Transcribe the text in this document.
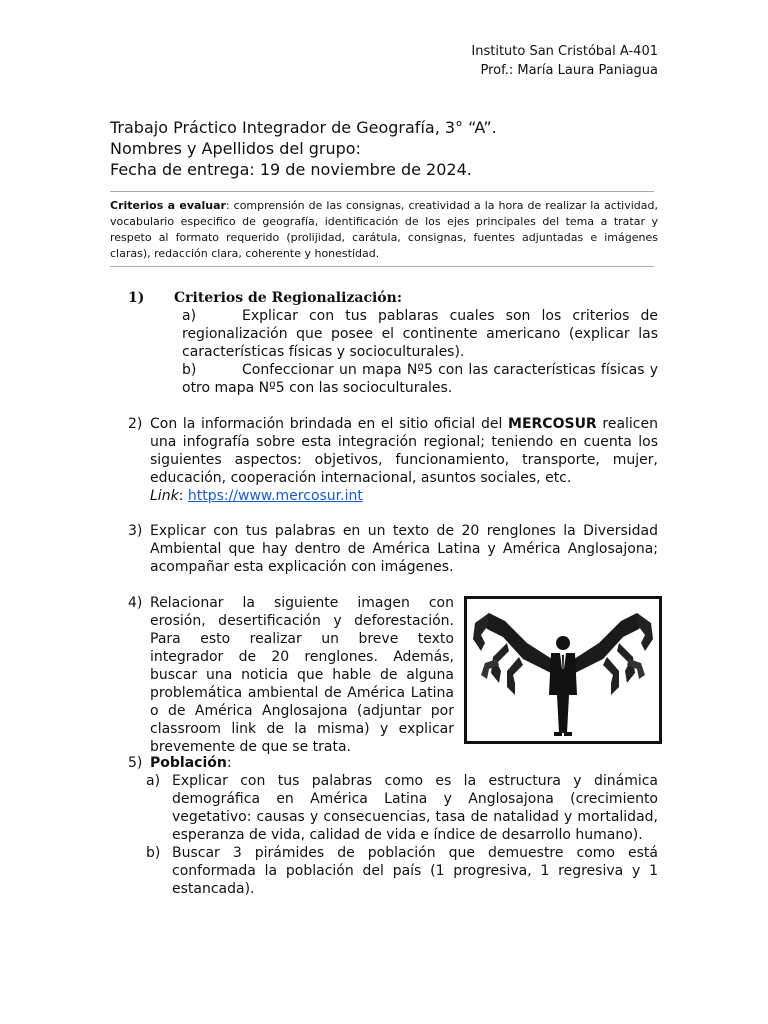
Instituto San Cristóbal A-401
Prof.: María Laura Paniagua
Trabajo Práctico Integrador de Geografía, 3° “A”.
Nombres y Apellidos del grupo:
Fecha de entrega: 19 de noviembre de 2024.
Criterios a evaluar: comprensión de las consignas, creatividad a la hora de realizar la actividad, vocabulario especifico de geografía, identificación de los ejes principales del tema a tratar y respeto al formato requerido (prolijidad, carátula, consignas, fuentes adjuntadas e imágenes claras), redacción clara, coherente y honestidad.
1) Criterios de Regionalización:
a)	Explicar con tus pablaras cuales son los criterios de regionalización que posee el continente americano (explicar las características físicas y socioculturales).
b)	Confeccionar un mapa Nº5 con las características físicas y otro mapa Nº5 con las socioculturales.
2) Con la información brindada en el sitio oficial del MERCOSUR realicen una infografía sobre esta integración regional; teniendo en cuenta los siguientes aspectos: objetivos, funcionamiento, transporte, mujer, educación, cooperación internacional, asuntos sociales, etc.
Link: https://www.mercosur.int
3) Explicar con tus palabras en un texto de 20 renglones la Diversidad Ambiental que hay dentro de América Latina y América Anglosajona; acompañar esta explicación con imágenes.
4) Relacionar la siguiente imagen con erosión, desertificación y deforestación. Para esto realizar un breve texto integrador de 20 renglones. Además, buscar una noticia que hable de alguna problemática ambiental de América Latina o de América Anglosajona (adjuntar por classroom link de la misma) y explicar brevemente de que se trata.
5) Población:
a) Explicar con tus palabras como es la estructura y dinámica demográfica en América Latina y Anglosajona (crecimiento vegetativo: causas y consecuencias, tasa de natalidad y mortalidad, esperanza de vida, calidad de vida e índice de desarrollo humano).
b) Buscar 3 pirámides de población que demuestre como está conformada la población del país (1 progresiva, 1 regresiva y 1 estancada).
